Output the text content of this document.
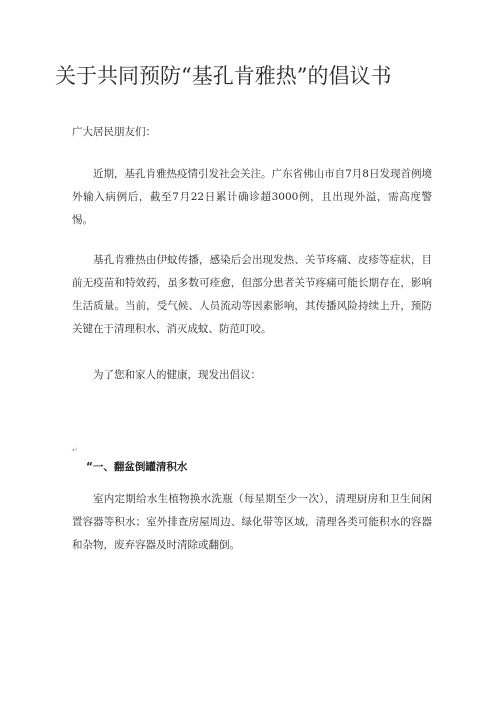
关于共同预防“基孔肯雅热”的倡议书
广大居民朋友们：

近期，基孔肯雅热疫情引发社会关注。广东省佛山市自7月8日发现首例境外输入病例后，截至7月22日累计确诊超3000例，且出现外溢，需高度警惕。

基孔肯雅热由伊蚊传播，感染后会出现发热、关节疼痛、皮疹等症状，目前无疫苗和特效药，虽多数可痊愈，但部分患者关节疼痛可能长期存在，影响生活质量。当前，受气候、人员流动等因素影响，其传播风险持续上升，预防关键在于清理积水、消灭成蚊、防范叮咬。

为了您和家人的健康，现发出倡议：

↵
“一、翻盆倒罐清积水

室内定期给水生植物换水洗瓶（每星期至少一次），清理厨房和卫生间闲置容器等积水；室外排查房屋周边、绿化带等区域，清理各类可能积水的容器和杂物，废弃容器及时清除或翻倒。
